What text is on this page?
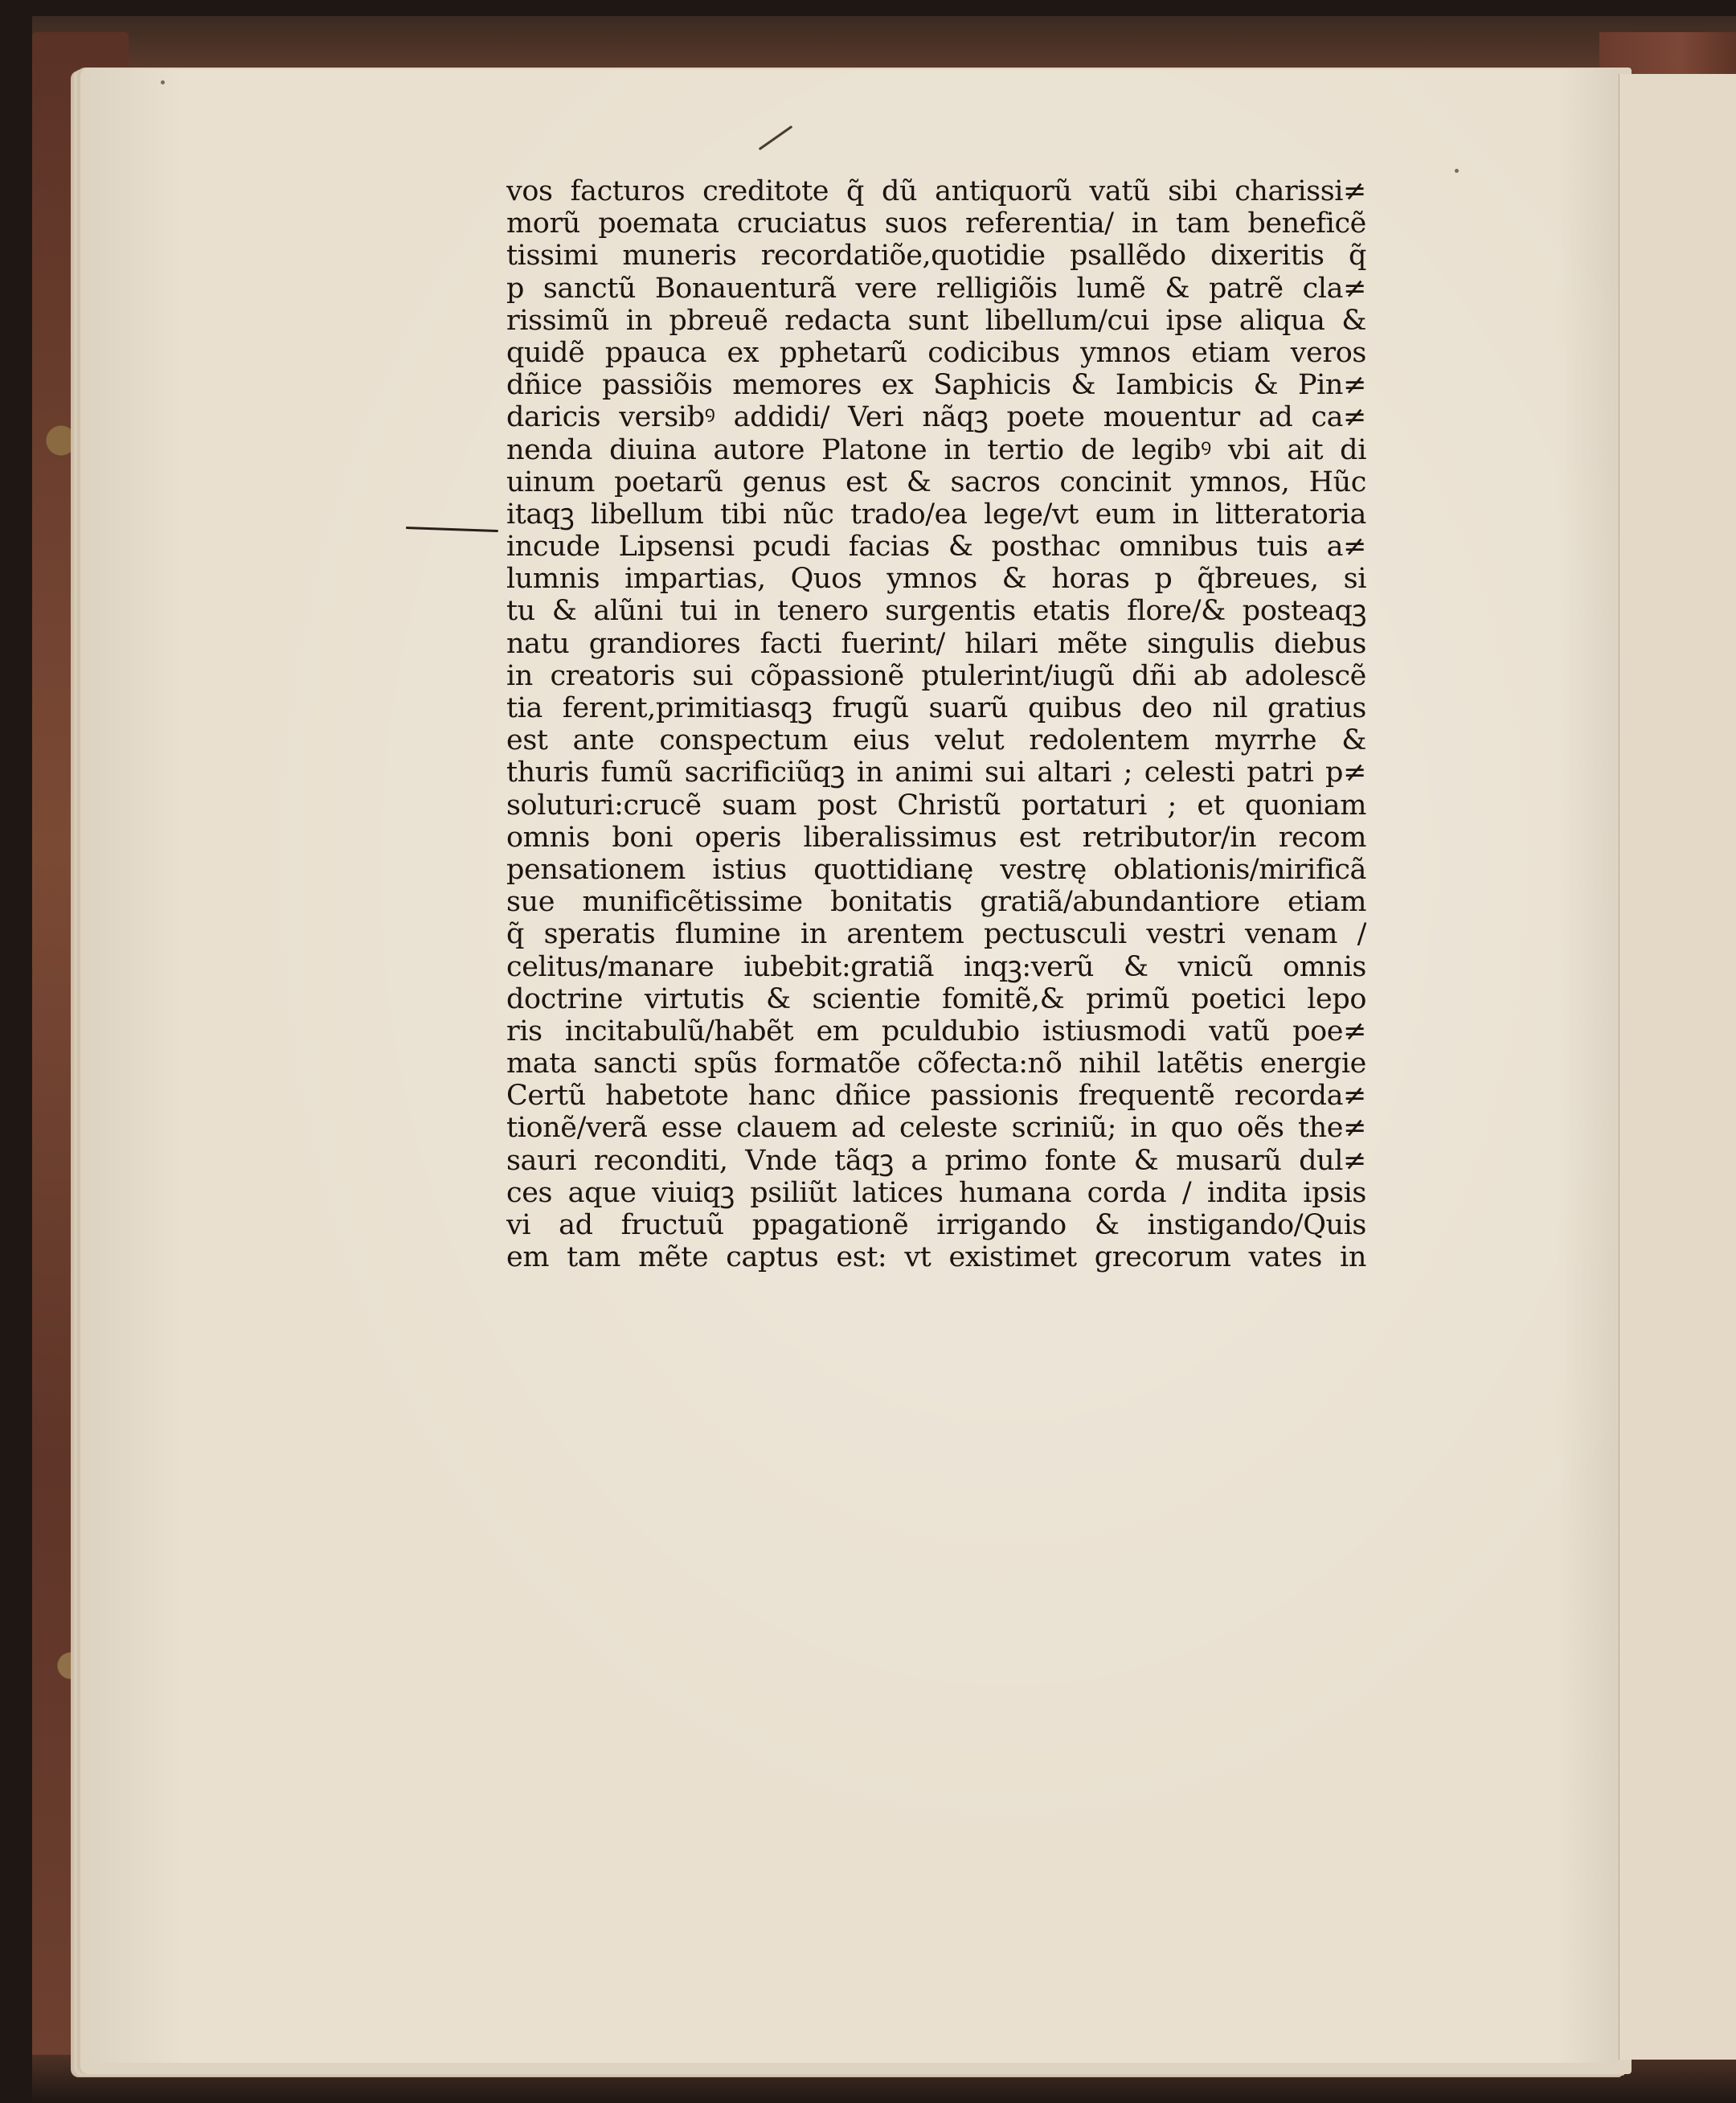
vos facturos creditote q̃ dũ antiquorũ vatũ sibi charissi≠
morũ poemata cruciatus suos referentia/ in tam beneficẽ
tissimi muneris recordatiõe,quotidie psallẽdo dixeritis q̃
p sanctũ Bonauenturã vere relligiõis lumẽ & patrẽ cla≠
rissimũ in pbreuẽ redacta sunt libellum/cui ipse aliqua &
quidẽ ppauca ex pphetarũ codicibus ymnos etiam veros
dñice passiõis memores ex Saphicis & Iambicis & Pin≠
daricis versibꝰ addidi/ Veri nãqꝫ poete mouentur ad ca≠
nenda diuina autore Platone in tertio de legibꝰ vbi ait di
uinum poetarũ genus est & sacros concinit ymnos, Hũc
itaqꝫ libellum tibi nũc trado/ea lege/vt eum in litteratoria
incude Lipsensi pcudi facias & posthac omnibus tuis a≠
lumnis impartias, Quos ymnos & horas p q̃breues, si
tu & alũni tui in tenero surgentis etatis flore/& posteaqꝫ
natu grandiores facti fuerint/ hilari mẽte singulis diebus
in creatoris sui cõpassionẽ ptulerint/iugũ dñi ab adolescẽ
tia ferent,primitiasqꝫ frugũ suarũ quibus deo nil gratius
est ante conspectum eius velut redolentem myrrhe &
thuris fumũ sacrificiũqꝫ in animi sui altari ; celesti patri p≠
soluturi:crucẽ suam post Christũ portaturi ; et quoniam
omnis boni operis liberalissimus est retributor/in recom
pensationem istius quottidianę vestrę oblationis/mirificã
sue munificẽtissime bonitatis gratiã/abundantiore etiam
q̃ speratis flumine in arentem pectusculi vestri venam /
celitus/manare iubebit:gratiã inqꝫ:verũ & vnicũ omnis
doctrine virtutis & scientie fomitẽ,& primũ poetici lepo
ris incitabulũ/habẽt em pculdubio istiusmodi vatũ poe≠
mata sancti spũs formatõe cõfecta:nõ nihil latẽtis energie
Certũ habetote hanc dñice passionis frequentẽ recorda≠
tionẽ/verã esse clauem ad celeste scriniũ; in quo oẽs the≠
sauri reconditi, Vnde tãqꝫ a primo fonte & musarũ dul≠
ces aque viuiqꝫ psiliũt latices humana corda / indita ipsis
vi ad fructuũ ppagationẽ irrigando & instigando/Quis
em tam mẽte captus est: vt existimet grecorum vates in
